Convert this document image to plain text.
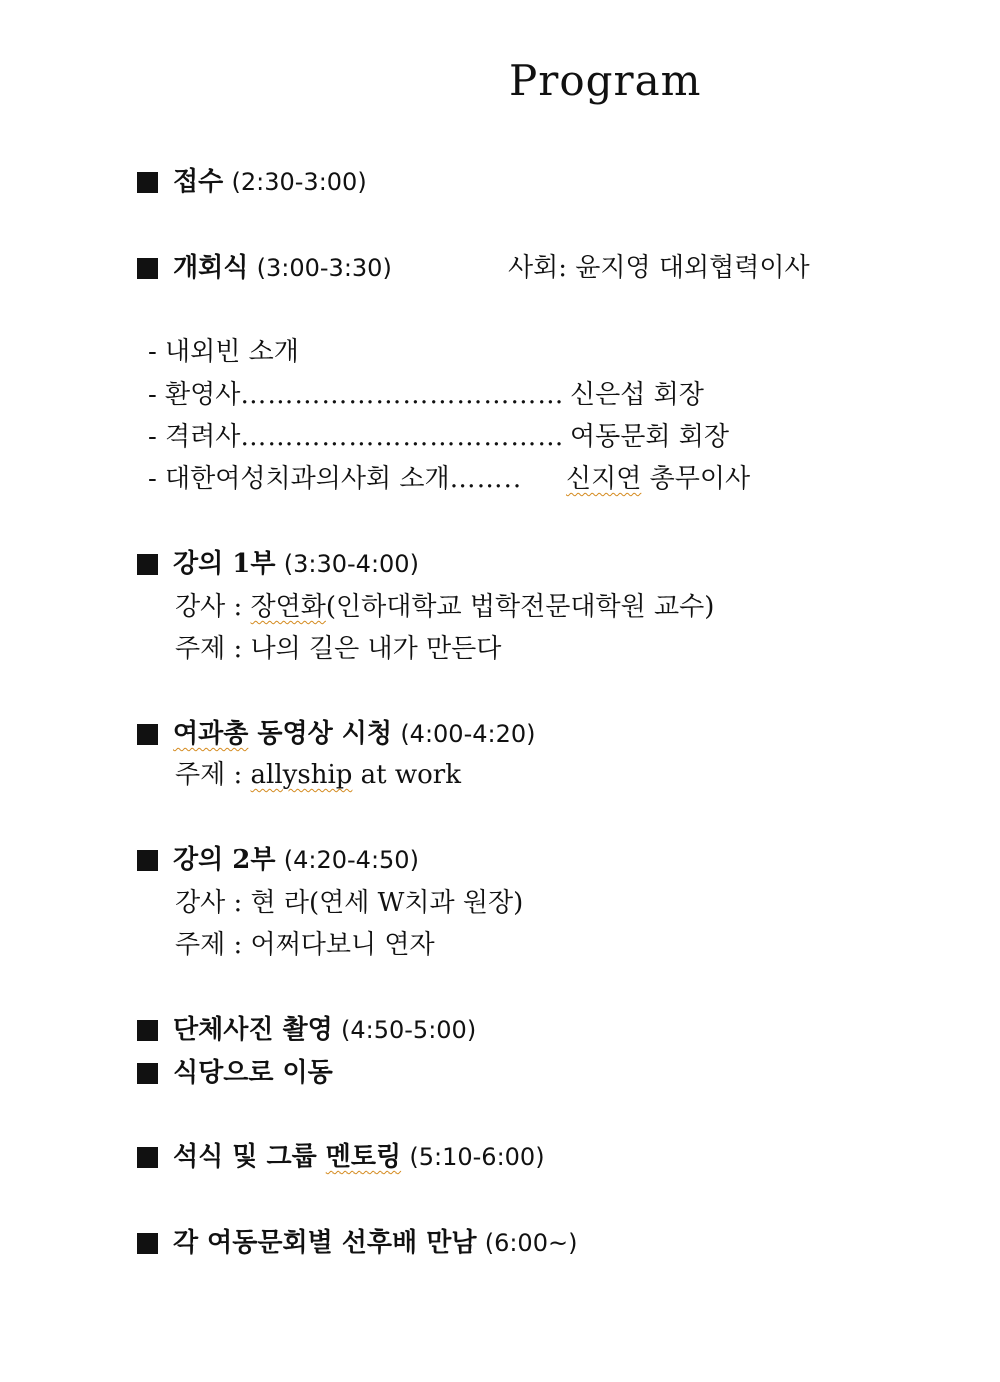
Program
접수 (2:30-3:00)
개회식 (3:00-3:30)	사회: 윤지영 대외협력이사
- 내외빈 소개
- 환영사……………………………… 신은섭 회장
- 격려사……………………………… 여동문회 회장
- 대한여성치과의사회 소개…….. 신지연 총무이사
강의 1부 (3:30-4:00)
강사 : 장연화(인하대학교 법학전문대학원 교수)
주제 : 나의 길은 내가 만든다
여과총 동영상 시청 (4:00-4:20)
주제 : allyship at work
강의 2부 (4:20-4:50)
강사 : 현 라(연세 W치과 원장)
주제 : 어쩌다보니 연자
단체사진 촬영 (4:50-5:00)
식당으로 이동
석식 및 그룹 멘토링 (5:10-6:00)
각 여동문회별 선후배 만남 (6:00~)
